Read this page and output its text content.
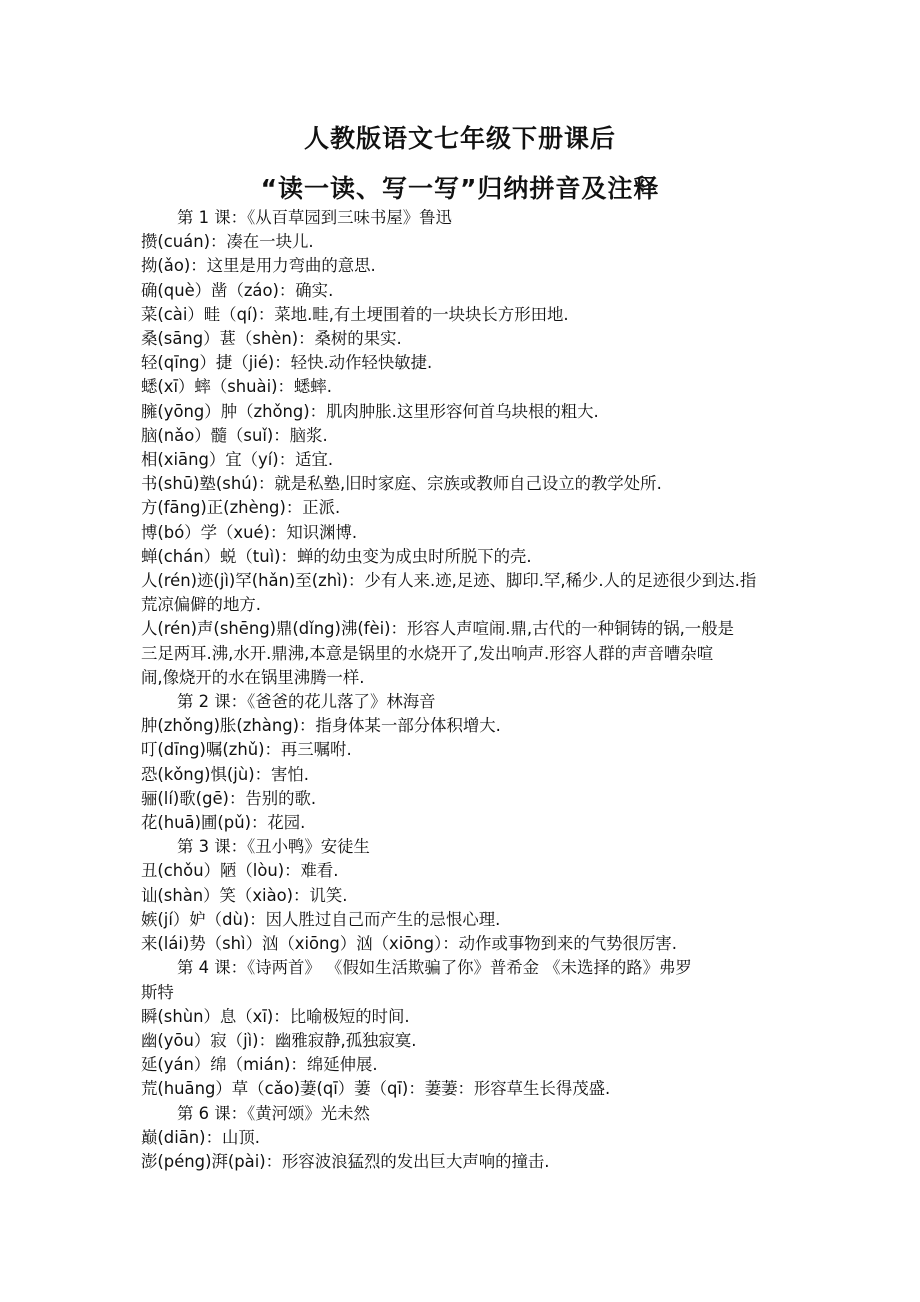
人教版语文七年级下册课后
“读一读、写一写”归纳拼音及注释
第 1 课：《从百草园到三味书屋》鲁迅
攒(cuán)：凑在一块儿.
拗(ǎo)：这里是用力弯曲的意思.
确(què）凿（záo)：确实.
菜(cài）畦（qí)：菜地.畦,有土埂围着的一块块长方形田地.
桑(sāng）葚（shèn)：桑树的果实.
轻(qīng）捷（jié)：轻快.动作轻快敏捷.
蟋(xī）蟀（shuài)：蟋蟀.
臃(yōng）肿（zhǒng)：肌肉肿胀.这里形容何首乌块根的粗大.
脑(nǎo）髓（suǐ)：脑浆.
相(xiāng）宜（yí)：适宜.
书(shū)塾(shú)：就是私塾,旧时家庭、宗族或教师自己设立的教学处所.
方(fāng)正(zhèng)：正派.
博(bó）学（xué)：知识渊博.
蝉(chán）蜕（tuì)：蝉的幼虫变为成虫时所脱下的壳.
人(rén)迹(jì)罕(hǎn)至(zhì)：少有人来.迹,足迹、脚印.罕,稀少.人的足迹很少到达.指
荒凉偏僻的地方.
人(rén)声(shēng)鼎(dǐng)沸(fèi)：形容人声喧闹.鼎,古代的一种铜铸的锅,一般是
三足两耳.沸,水开.鼎沸,本意是锅里的水烧开了,发出响声.形容人群的声音嘈杂喧
闹,像烧开的水在锅里沸腾一样.
第 2 课：《爸爸的花儿落了》林海音
肿(zhǒng)胀(zhàng)：指身体某一部分体积增大.
叮(dīng)嘱(zhǔ)：再三嘱咐.
恐(kǒng)惧(jù)：害怕.
骊(lí)歌(gē)：告别的歌.
花(huā)圃(pǔ)：花园.
第 3 课：《丑小鸭》安徒生
丑(chǒu）陋（lòu)：难看.
讪(shàn）笑（xiào)：讥笑.
嫉(jí）妒（dù)：因人胜过自己而产生的忌恨心理.
来(lái)势（shì）汹（xiōng）汹（xiōng）：动作或事物到来的气势很厉害.
第 4 课：《诗两首》 《假如生活欺骗了你》普希金 《未选择的路》弗罗
斯特
瞬(shùn）息（xī)：比喻极短的时间.
幽(yōu）寂（jì)：幽雅寂静,孤独寂寞.
延(yán）绵（mián)：绵延伸展.
荒(huāng）草（cǎo)萋(qī）萋（qī)：萋萋：形容草生长得茂盛.
第 6 课：《黄河颂》光未然
巅(diān)：山顶.
澎(péng)湃(pài)：形容波浪猛烈的发出巨大声响的撞击.
